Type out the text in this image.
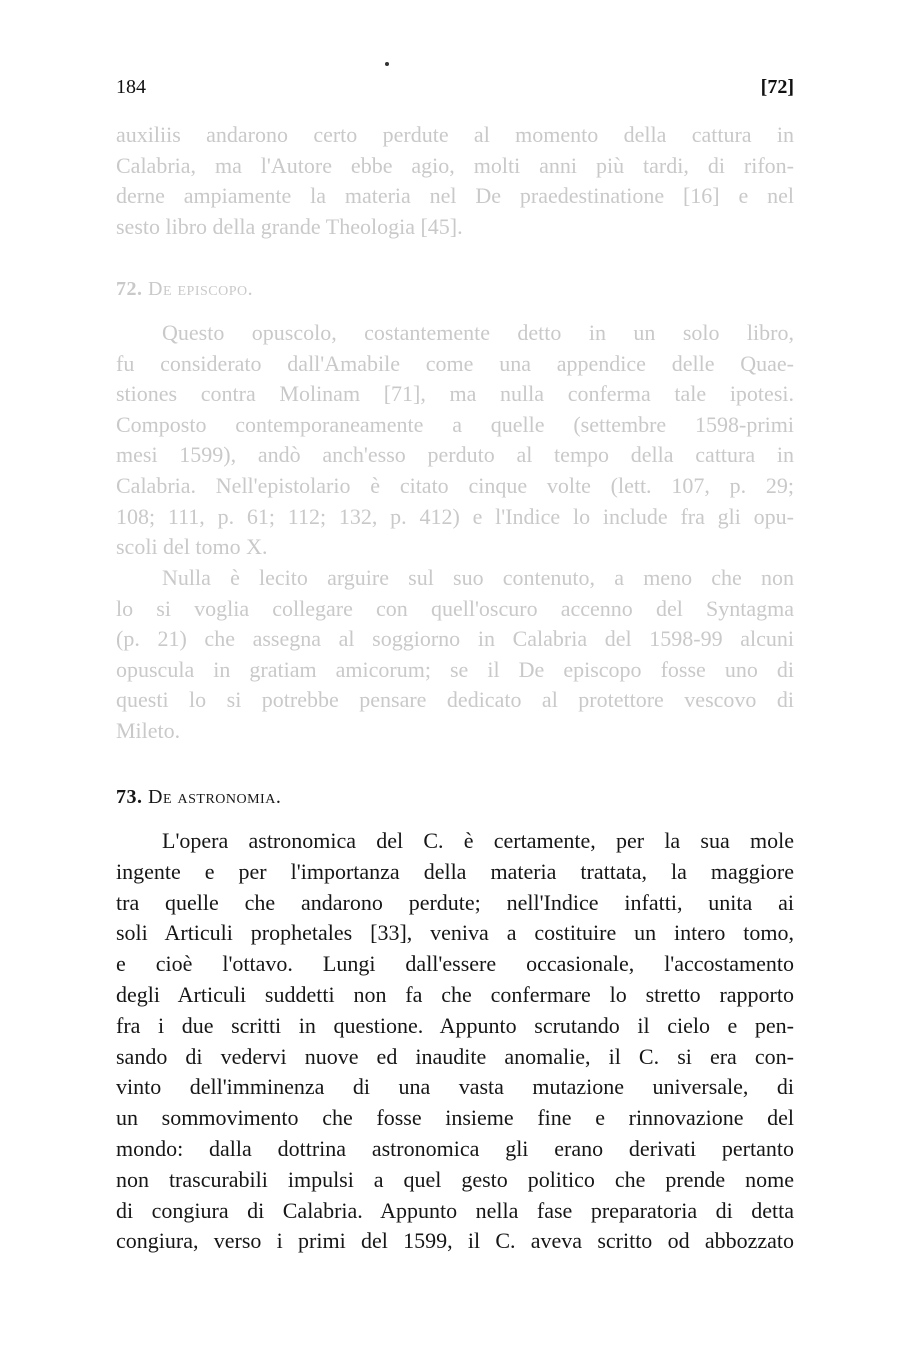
184	[72]
auxiliis andarono certo perdute al momento della cattura in
Calabria, ma l'Autore ebbe agio, molti anni più tardi, di rifon-
derne ampiamente la materia nel De praedestinatione [16] e nel
sesto libro della grande Theologia [45].
72. De episcopo.
Questo opuscolo, costantemente detto in un solo libro,
fu considerato dall'Amabile come una appendice delle Quae-
stiones contra Molinam [71], ma nulla conferma tale ipotesi.
Composto contemporaneamente a quelle (settembre 1598-primi
mesi 1599), andò anch'esso perduto al tempo della cattura in
Calabria. Nell'epistolario è citato cinque volte (lett. 107, p. 29;
108; 111, p. 61; 112; 132, p. 412) e l'Indice lo include fra gli opu-
scoli del tomo X.
Nulla è lecito arguire sul suo contenuto, a meno che non
lo si voglia collegare con quell'oscuro accenno del Syntagma
(p. 21) che assegna al soggiorno in Calabria del 1598-99 alcuni
opuscula in gratiam amicorum; se il De episcopo fosse uno di
questi lo si potrebbe pensare dedicato al protettore vescovo di
Mileto.
73. De astronomia.
L'opera astronomica del C. è certamente, per la sua mole
ingente e per l'importanza della materia trattata, la maggiore
tra quelle che andarono perdute; nell'Indice infatti, unita ai
soli Articuli prophetales [33], veniva a costituire un intero tomo,
e cioè l'ottavo. Lungi dall'essere occasionale, l'accostamento
degli Articuli suddetti non fa che confermare lo stretto rapporto
fra i due scritti in questione. Appunto scrutando il cielo e pen-
sando di vedervi nuove ed inaudite anomalie, il C. si era con-
vinto dell'imminenza di una vasta mutazione universale, di
un sommovimento che fosse insieme fine e rinnovazione del
mondo: dalla dottrina astronomica gli erano derivati pertanto
non trascurabili impulsi a quel gesto politico che prende nome
di congiura di Calabria. Appunto nella fase preparatoria di detta
congiura, verso i primi del 1599, il C. aveva scritto od abbozzato
